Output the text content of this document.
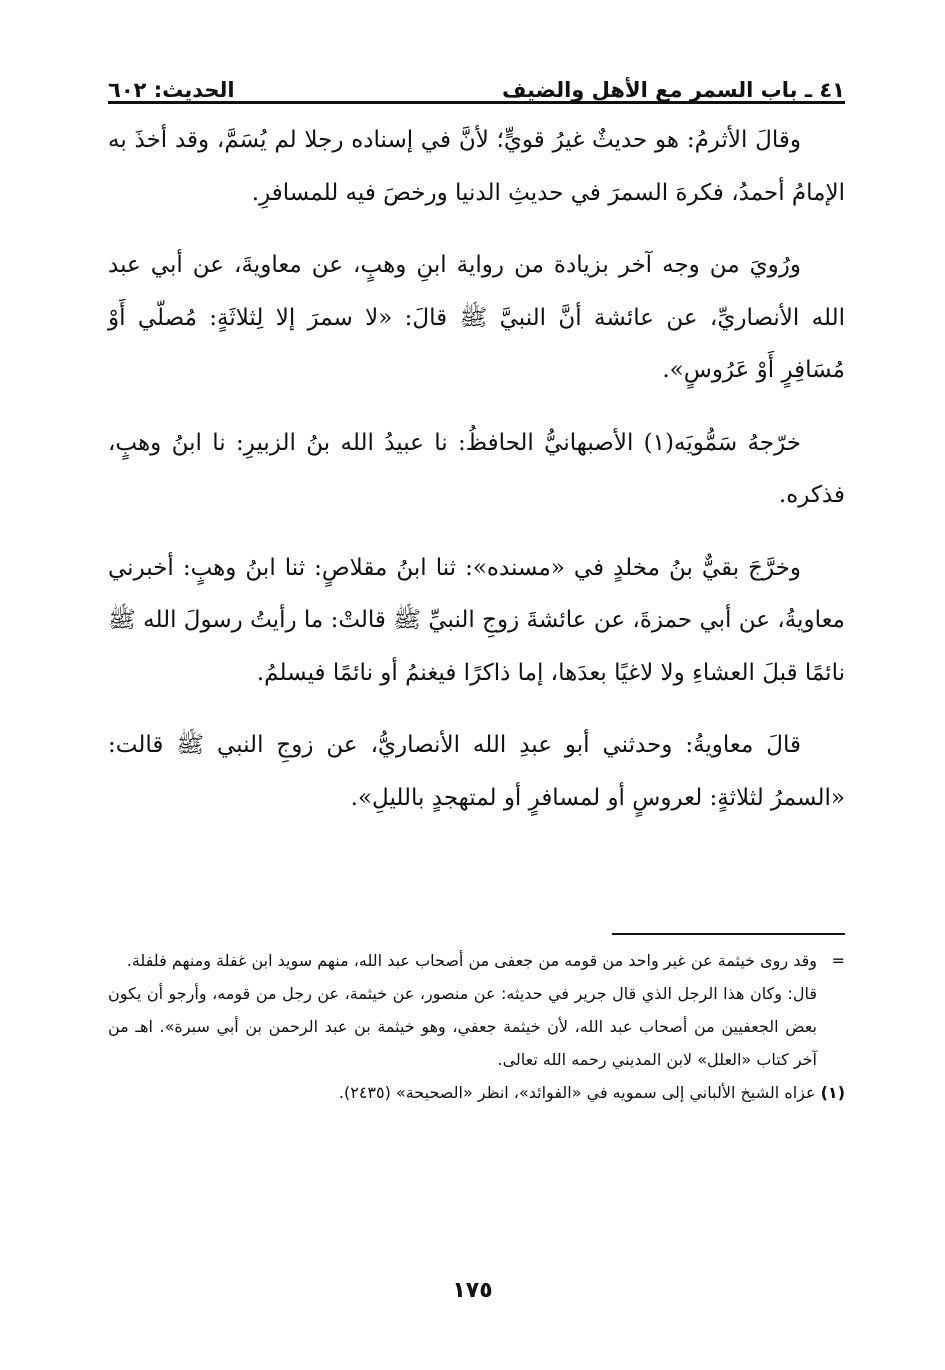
٤١ ـ باب السمر مع الأهل والضيف
الحديث: ٦٠٢

وقالَ الأثرمُ: هو حديثٌ غيرُ قويٍّ؛ لأنَّ في إسناده رجلا لم يُسَمَّ، وقد أخذَ به الإمامُ أحمدُ، فكرهَ السمرَ في حديثِ الدنيا ورخصَ فيه للمسافرِ.

ورُويَ من وجه آخر بزيادة من رواية ابنِ وهبٍ، عن معاويةَ، عن أبي عبد الله الأنصاريِّ، عن عائشة أنَّ النبيَّ ﷺ قالَ: «لا سمرَ إلا لِثلاثَةٍ: مُصلّي أَوْ مُسَافِرٍ أَوْ عَرُوسٍ».

خرّجهُ سَمُّويَه(١) الأصبهانيُّ الحافظُ: نا عبيدُ الله بنُ الزبيرِ: نا ابنُ وهبٍ، فذكره.

وخرَّجَ بقيٌّ بنُ مخلدٍ في «مسنده»: ثنا ابنُ مقلاصٍ: ثنا ابنُ وهبٍ: أخبرني معاويةُ، عن أبي حمزةَ، عن عائشةَ زوجِ النبيِّ ﷺ قالتْ: ما رأيتُ رسولَ الله ﷺ نائمًا قبلَ العشاءِ ولا لاغيًا بعدَها، إما ذاكرًا فيغنمُ أو نائمًا فيسلمُ.

قالَ معاويةُ: وحدثني أبو عبدِ الله الأنصاريُّ، عن زوجِ النبي ﷺ قالت: «السمرُ لثلاثةٍ: لعروسٍ أو لمسافرٍ أو لمتهجدٍ بالليلِ».

=
وقد روى خيثمة عن غير واحد من قومه من جعفى من أصحاب عبد الله، منهم سويد ابن غفلة ومنهم فلفلة.

قال: وكان هذا الرجل الذي قال جرير في حديثه: عن منصور، عن خيثمة، عن رجل من قومه، وأرجو أن يكون بعض الجعفيين من أصحاب عبد الله، لأن خيثمة جعفي، وهو خيثمة بن عبد الرحمن بن أبي سبرة». اهـ من آخر كتاب «العلل» لابن المديني رحمه الله تعالى.

(١) عزاه الشيخ الألباني إلى سمويه في «الفوائد»، انظر «الصحيحة» (٢٤٣٥).

١٧٥
